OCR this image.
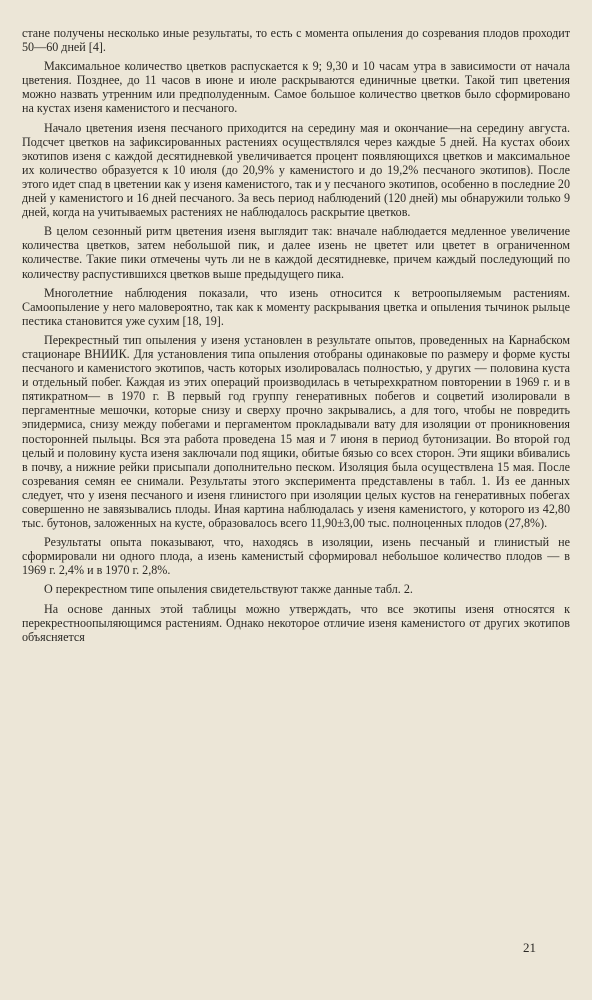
стане получены несколько иные результаты, то есть с момента опыления до созревания плодов проходит 50—60 дней [4].

Максимальное количество цветков распускается к 9; 9,30 и 10 часам утра в зависимости от начала цветения. Позднее, до 11 часов в июне и июле раскрываются единичные цветки. Такой тип цветения можно назвать утренним или предполуденным. Самое большое количество цветков было сформировано на кустах изеня каменистого и песчаного.

Начало цветения изеня песчаного приходится на середину мая и окончание—на середину августа. Подсчет цветков на зафиксированных растениях осуществлялся через каждые 5 дней. На кустах обоих экотипов изеня с каждой десятидневкой увеличивается процент появляющихся цветков и максимальное их количество образуется к 10 июля (до 20,9% у каменистого и до 19,2% песчаного экотипов). После этого идет спад в цветении как у изеня каменистого, так и у песчаного экотипов, особенно в последние 20 дней у каменистого и 16 дней песчаного. За весь период наблюдений (120 дней) мы обнаружили только 9 дней, когда на учитываемых растениях не наблюдалось раскрытие цветков.

В целом сезонный ритм цветения изеня выглядит так: вначале наблюдается медленное увеличение количества цветков, затем небольшой пик, и далее изень не цветет или цветет в ограниченном количестве. Такие пики отмечены чуть ли не в каждой десятидневке, причем каждый последующий по количеству распустившихся цветков выше предыдущего пика.

Многолетние наблюдения показали, что изень относится к ветроопыляемым растениям. Самоопыление у него маловероятно, так как к моменту раскрывания цветка и опыления тычинок рыльце пестика становится уже сухим [18, 19].

Перекрестный тип опыления у изеня установлен в результате опытов, проведенных на Карнабском стационаре ВНИИК. Для установления типа опыления отобраны одинаковые по размеру и форме кусты песчаного и каменистого экотипов, часть которых изолировалась полностью, у других — половина куста и отдельный побег. Каждая из этих операций производилась в четырехкратном повторении в 1969 г. и в пятикратном— в 1970 г. В первый год группу генеративных побегов и соцветий изолировали в пергаментные мешочки, которые снизу и сверху прочно закрывались, а для того, чтобы не повредить эпидермиса, снизу между побегами и пергаментом прокладывали вату для изоляции от проникновения посторонней пыльцы. Вся эта работа проведена 15 мая и 7 июня в период бутонизации. Во второй год целый и половину куста изеня заключали под ящики, обитые бязью со всех сторон. Эти ящики вбивались в почву, а нижние рейки присыпали дополнительно песком. Изоляция была осуществлена 15 мая. После созревания семян ее снимали. Результаты этого эксперимента представлены в табл. 1. Из ее данных следует, что у изеня песчаного и изеня глинистого при изоляции целых кустов на генеративных побегах совершенно не завязывались плоды. Иная картина наблюдалась у изеня каменистого, у которого из 42,80 тыс. бутонов, заложенных на кусте, образовалось всего 11,90±3,00 тыс. полноценных плодов (27,8%).

Результаты опыта показывают, что, находясь в изоляции, изень песчаный и глинистый не сформировали ни одного плода, а изень каменистый сформировал небольшое количество плодов — в 1969 г. 2,4% и в 1970 г. 2,8%.

О перекрестном типе опыления свидетельствуют также данные табл. 2.

На основе данных этой таблицы можно утверждать, что все экотипы изеня относятся к перекрестноопыляющимся растениям. Однако некоторое отличие изеня каменистого от других экотипов объясняется

21
